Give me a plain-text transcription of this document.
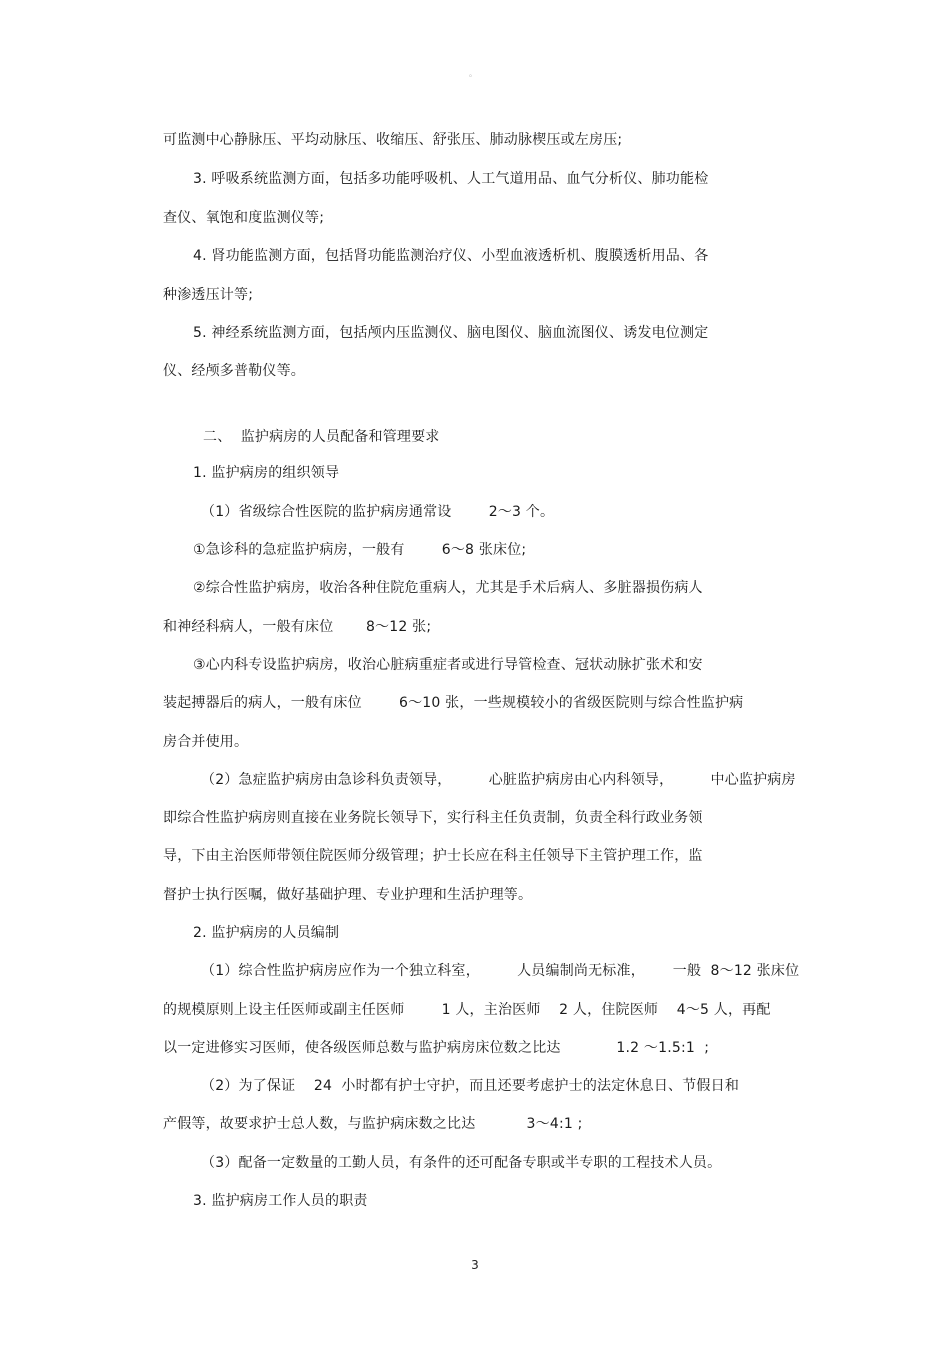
。
可监测中心静脉压、平均动脉压、收缩压、舒张压、肺动脉楔压或左房压;
3. 呼吸系统监测方面，包括多功能呼吸机、人工气道用品、血气分析仪、肺功能检
查仪、氧饱和度监测仪等;
4. 肾功能监测方面，包括肾功能监测治疗仪、小型血液透析机、腹膜透析用品、各
种渗透压计等;
5. 神经系统监测方面，包括颅内压监测仪、脑电图仪、脑血流图仪、诱发电位测定
仪、经颅多普勒仪等。
二、  监护病房的人员配备和管理要求
1. 监护病房的组织领导
（1）省级综合性医院的监护病房通常设        2～3 个。
①急诊科的急症监护病房，一般有        6～8 张床位;
②综合性监护病房，收治各种住院危重病人，尤其是手术后病人、多脏器损伤病人
和神经科病人，一般有床位       8～12 张;
③心内科专设监护病房，收治心脏病重症者或进行导管检查、冠状动脉扩张术和安
装起搏器后的病人，一般有床位        6～10 张，一些规模较小的省级医院则与综合性监护病
房合并使用。
（2）急症监护病房由急诊科负责领导，        心脏监护病房由心内科领导，        中心监护病房
即综合性监护病房则直接在业务院长领导下，实行科主任负责制，负责全科行政业务领
导，下由主治医师带领住院医师分级管理；护士长应在科主任领导下主管护理工作，监
督护士执行医嘱，做好基础护理、专业护理和生活护理等。
2. 监护病房的人员编制
（1）综合性监护病房应作为一个独立科室，        人员编制尚无标准，      一般  8～12 张床位
的规模原则上设主任医师或副主任医师        1 人，主治医师    2 人，住院医师    4～5 人，再配
以一定进修实习医师，使各级医师总数与监护病房床位数之比达            1.2 ～1.5:1  ;
（2）为了保证    24  小时都有护士守护，而且还要考虑护士的法定休息日、节假日和
产假等，故要求护士总人数，与监护病床数之比达           3～4:1 ;
（3）配备一定数量的工勤人员，有条件的还可配备专职或半专职的工程技术人员。
3. 监护病房工作人员的职责
3
